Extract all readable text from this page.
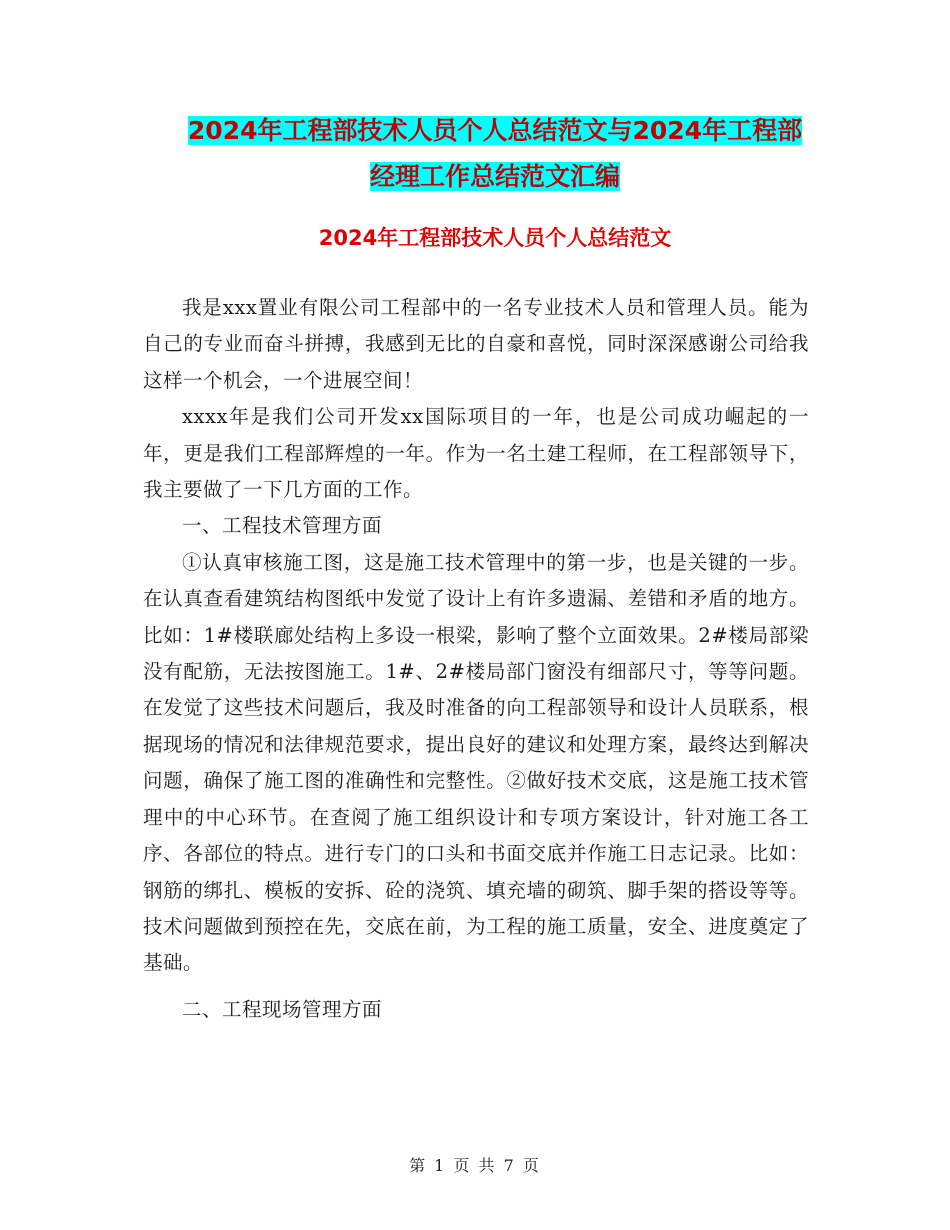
2024年工程部技术人员个人总结范文与2024年工程部
经理工作总结范文汇编
2024年工程部技术人员个人总结范文

我是xxx置业有限公司工程部中的一名专业技术人员和管理人员。能为自己的专业而奋斗拼搏，我感到无比的自豪和喜悦，同时深深感谢公司给我这样一个机会，一个进展空间！

xxxx年是我们公司开发xx国际项目的一年，也是公司成功崛起的一年，更是我们工程部辉煌的一年。作为一名土建工程师，在工程部领导下，我主要做了一下几方面的工作。

一、工程技术管理方面

①认真审核施工图，这是施工技术管理中的第一步，也是关键的一步。在认真查看建筑结构图纸中发觉了设计上有许多遗漏、差错和矛盾的地方。比如：1#楼联廊处结构上多设一根梁，影响了整个立面效果。2#楼局部梁没有配筋，无法按图施工。1#、2#楼局部门窗没有细部尺寸，等等问题。在发觉了这些技术问题后，我及时准备的向工程部领导和设计人员联系，根据现场的情况和法律规范要求，提出良好的建议和处理方案，最终达到解决问题，确保了施工图的准确性和完整性。②做好技术交底，这是施工技术管理中的中心环节。在查阅了施工组织设计和专项方案设计，针对施工各工序、各部位的特点。进行专门的口头和书面交底并作施工日志记录。比如：钢筋的绑扎、模板的安拆、砼的浇筑、填充墙的砌筑、脚手架的搭设等等。技术问题做到预控在先，交底在前，为工程的施工质量，安全、进度奠定了基础。

二、工程现场管理方面

第 1 页 共 7 页
